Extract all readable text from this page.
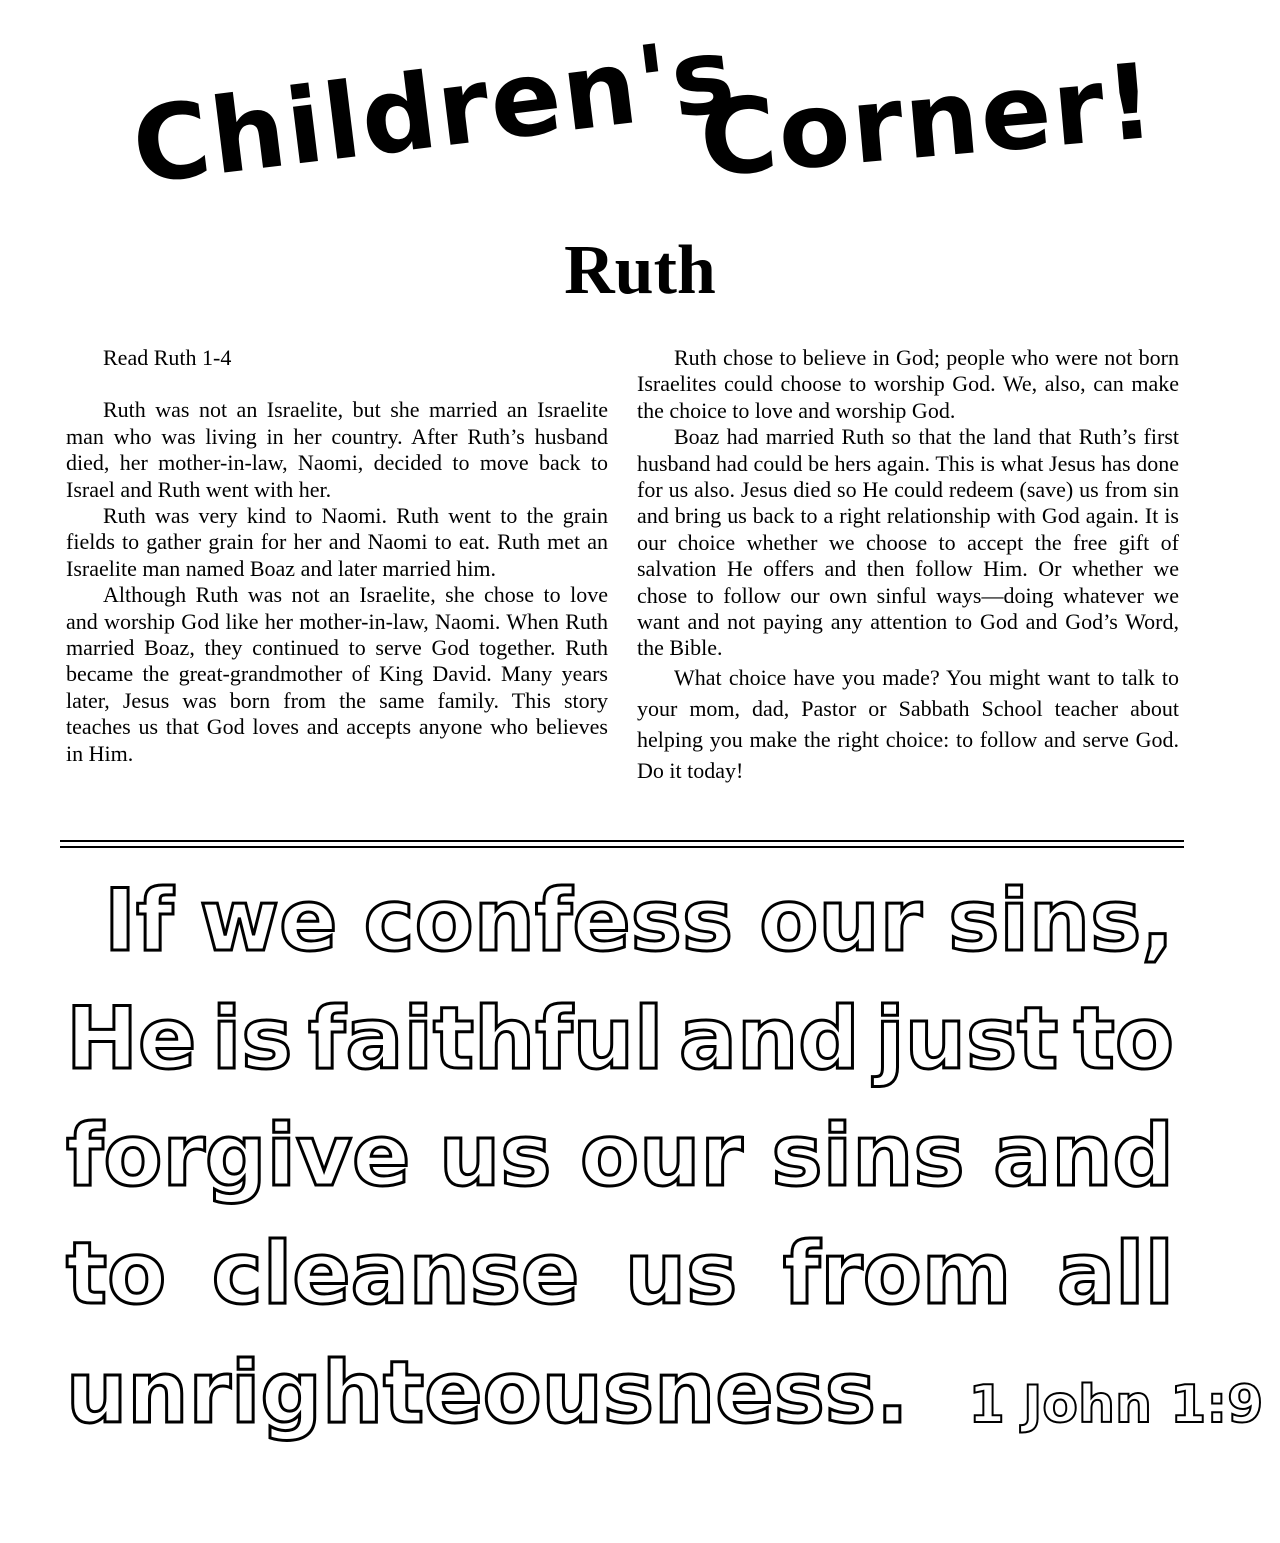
Children's
Corner!
Ruth

Read Ruth 1-4

Ruth was not an Israelite, but she married an Israelite man who was living in her country. After Ruth’s husband died, her mother-in-law, Naomi, decided to move back to Israel and Ruth went with her.

Ruth was very kind to Naomi. Ruth went to the grain fields to gather grain for her and Naomi to eat. Ruth met an Israelite man named Boaz and later married him.

Although Ruth was not an Israelite, she chose to love and worship God like her mother-in-law, Naomi. When Ruth married Boaz, they continued to serve God together. Ruth became the great-grandmother of King David. Many years later, Jesus was born from the same family. This story teaches us that God loves and accepts anyone who believes in Him.

Ruth chose to believe in God; people who were not born Israelites could choose to worship God. We, also, can make the choice to love and worship God.

Boaz had married Ruth so that the land that Ruth’s first husband had could be hers again. This is what Jesus has done for us also. Jesus died so He could redeem (save) us from sin and bring us back to a right relationship with God again. It is our choice whether we choose to accept the free gift of salvation He offers and then follow Him. Or whether we chose to follow our own sinful ways—doing whatever we want and not paying any attention to God and God’s Word, the Bible.

What choice have you made? You might want to talk to your mom, dad, Pastor or Sabbath School teacher about helping you make the right choice: to follow and serve God. Do it today!

If we confess our sins,
He is faithful and just to
forgive us our sins and
to cleanse us from all
unrighteousness. 1 John 1:9
